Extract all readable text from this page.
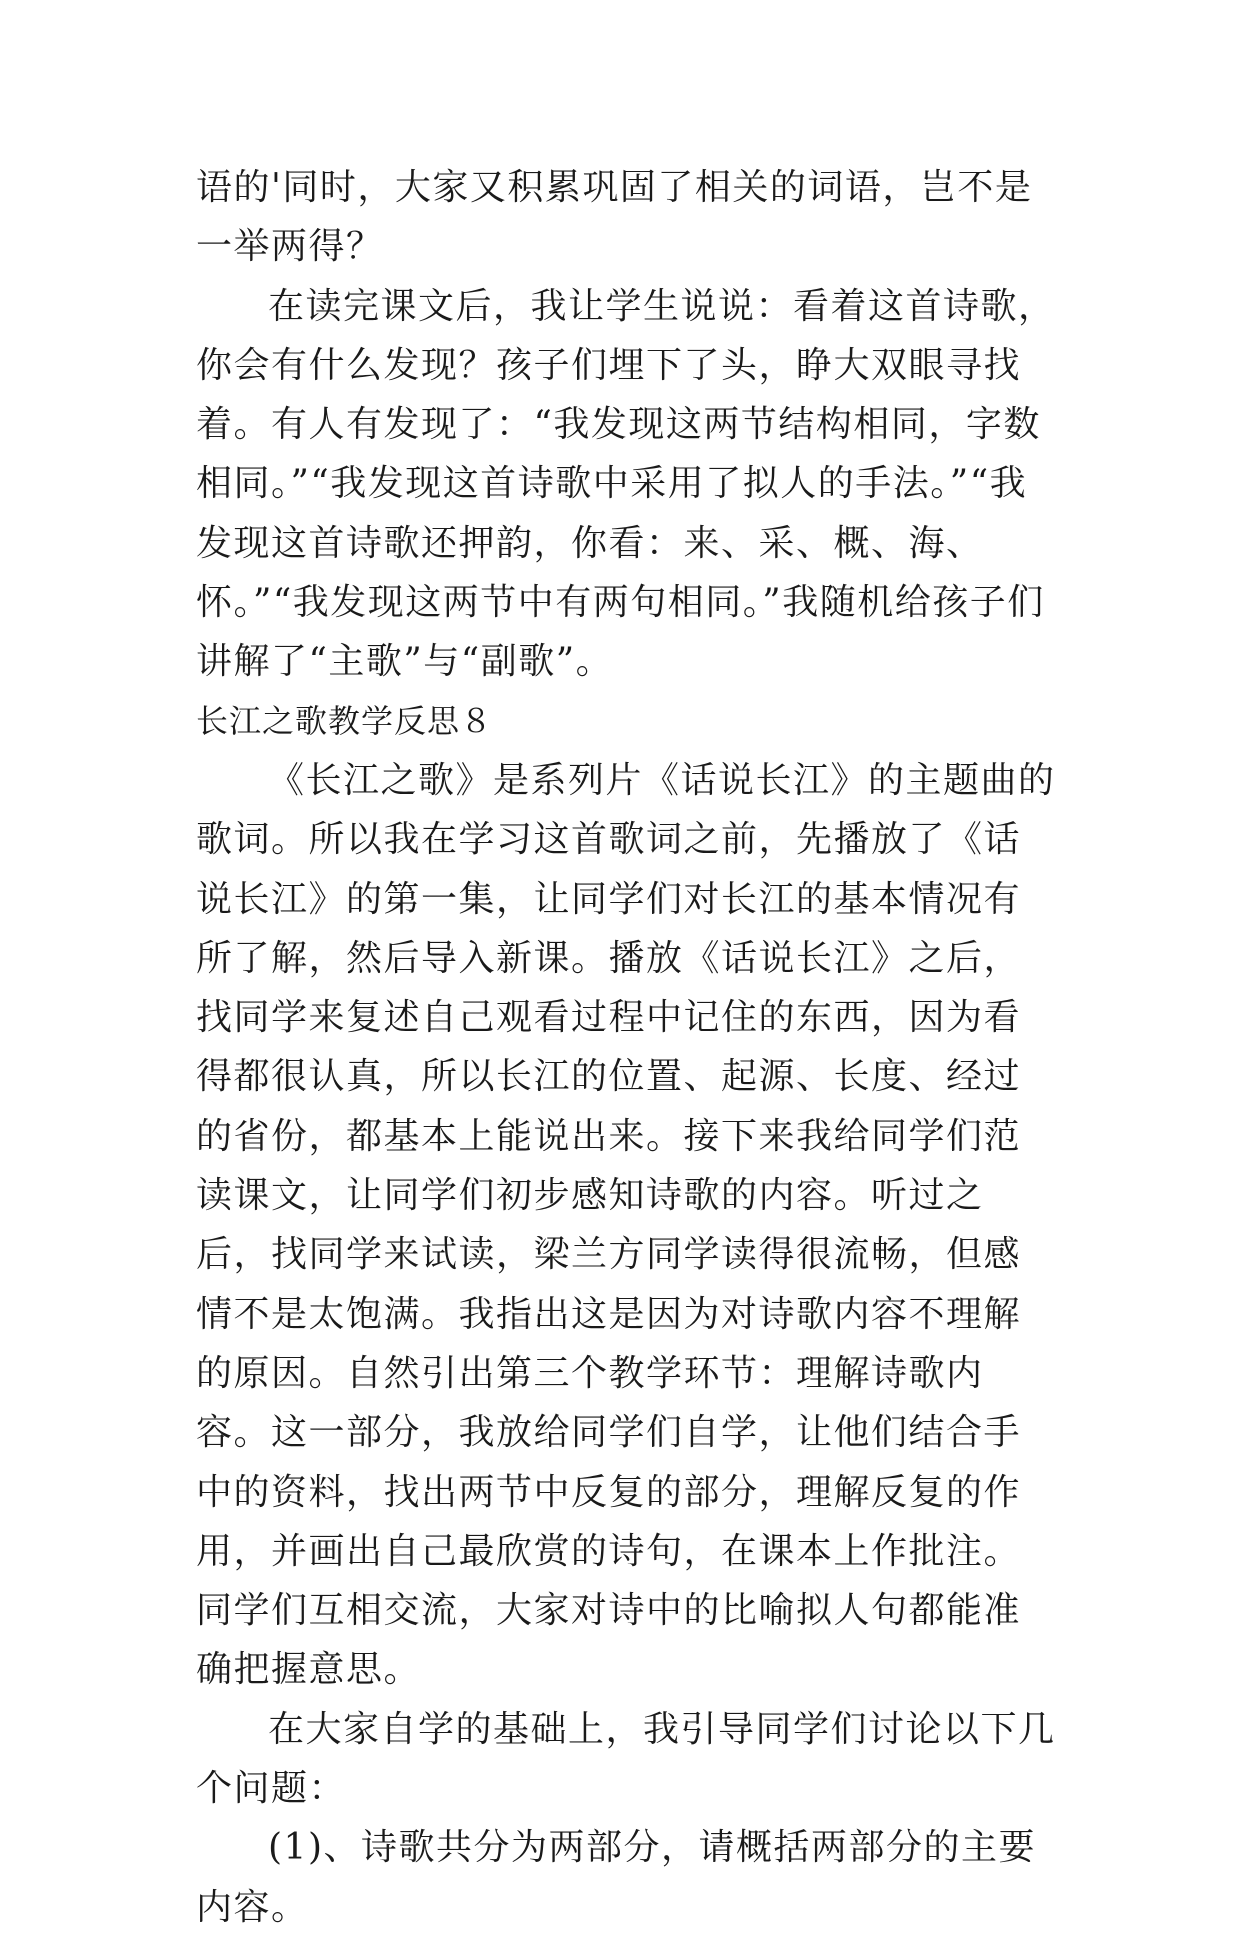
语的'同时，大家又积累巩固了相关的词语，岂不是一举两得？

在读完课文后，我让学生说说：看着这首诗歌，你会有什么发现？孩子们埋下了头，睁大双眼寻找着。有人有发现了：“我发现这两节结构相同，字数相同。”“我发现这首诗歌中采用了拟人的手法。”“我发现这首诗歌还押韵，你看：来、采、概、海、怀。”“我发现这两节中有两句相同。”我随机给孩子们讲解了“主歌”与“副歌”。

长江之歌教学反思８

《长江之歌》是系列片《话说长江》的主题曲的歌词。所以我在学习这首歌词之前，先播放了《话说长江》的第一集，让同学们对长江的基本情况有所了解，然后导入新课。播放《话说长江》之后，找同学来复述自己观看过程中记住的东西，因为看得都很认真，所以长江的位置、起源、长度、经过的省份，都基本上能说出来。接下来我给同学们范读课文，让同学们初步感知诗歌的内容。听过之后，找同学来试读，梁兰方同学读得很流畅，但感情不是太饱满。我指出这是因为对诗歌内容不理解的原因。自然引出第三个教学环节：理解诗歌内容。这一部分，我放给同学们自学，让他们结合手中的资料，找出两节中反复的部分，理解反复的作用，并画出自己最欣赏的诗句，在课本上作批注。同学们互相交流，大家对诗中的比喻拟人句都能准确把握意思。

在大家自学的基础上，我引导同学们讨论以下几个问题：

(1)、诗歌共分为两部分，请概括两部分的主要内容。
